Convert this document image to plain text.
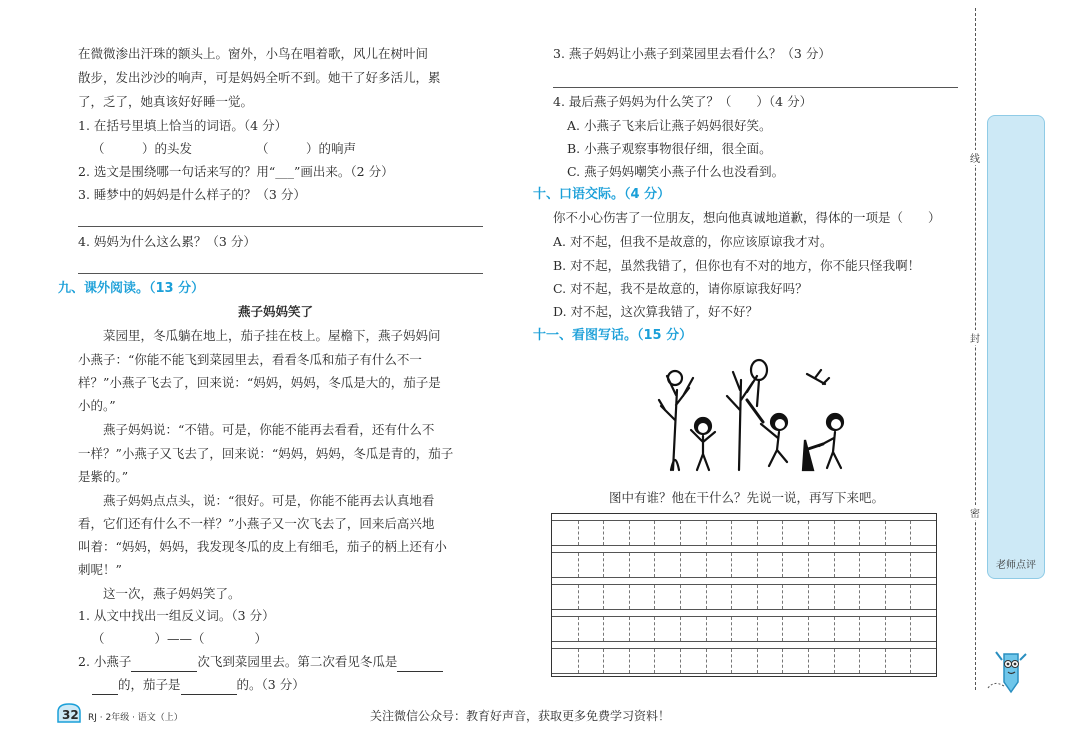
在微微渗出汗珠的额头上。窗外，小鸟在唱着歌，风儿在树叶间
散步，发出沙沙的响声，可是妈妈全听不到。她干了好多活儿，累
了，乏了，她真该好好睡一觉。
1. 在括号里填上恰当的词语。（4 分）
（　　　）的头发	（　　　）的响声
2. 选文是围绕哪一句话来写的？用“___”画出来。（2 分）
3. 睡梦中的妈妈是什么样子的？（3 分）
4. 妈妈为什么这么累？（3 分）
九、课外阅读。（13 分）
燕子妈妈笑了
　　菜园里，冬瓜躺在地上，茄子挂在枝上。屋檐下，燕子妈妈问
小燕子：“你能不能飞到菜园里去，看看冬瓜和茄子有什么不一
样？”小燕子飞去了，回来说：“妈妈，妈妈，冬瓜是大的，茄子是
小的。”
　　燕子妈妈说：“不错。可是，你能不能再去看看，还有什么不
一样？”小燕子又飞去了，回来说：“妈妈，妈妈，冬瓜是青的，茄子
是紫的。”
　　燕子妈妈点点头，说：“很好。可是，你能不能再去认真地看
看，它们还有什么不一样？”小燕子又一次飞去了，回来后高兴地
叫着：“妈妈，妈妈，我发现冬瓜的皮上有细毛，茄子的柄上还有小
刺呢！”
　　这一次，燕子妈妈笑了。
1. 从文中找出一组反义词。（3 分）
（　　　　）——（　　　　）
2. 小燕子	次飞到菜园里去。第二次看见冬瓜是
的，茄子是	的。（3 分）
3. 燕子妈妈让小燕子到菜园里去看什么？（3 分）
4. 最后燕子妈妈为什么笑了？（　　）（4 分）
A. 小燕子飞来后让燕子妈妈很好笑。
B. 小燕子观察事物很仔细，很全面。
C. 燕子妈妈嘲笑小燕子什么也没看到。
十、口语交际。（4 分）
你不小心伤害了一位朋友，想向他真诚地道歉，得体的一项是（　　）
A. 对不起，但我不是故意的，你应该原谅我才对。
B. 对不起，虽然我错了，但你也有不对的地方，你不能只怪我啊！
C. 对不起，我不是故意的，请你原谅我好吗？
D. 对不起，这次算我错了，好不好？
十一、看图写话。（15 分）
图中有谁？他在干什么？先说一说，再写下来吧。
线
封
密
老师点评
32 RJ · 2年级 · 语文（上）	关注微信公众号：教育好声音，获取更多免费学习资料！
